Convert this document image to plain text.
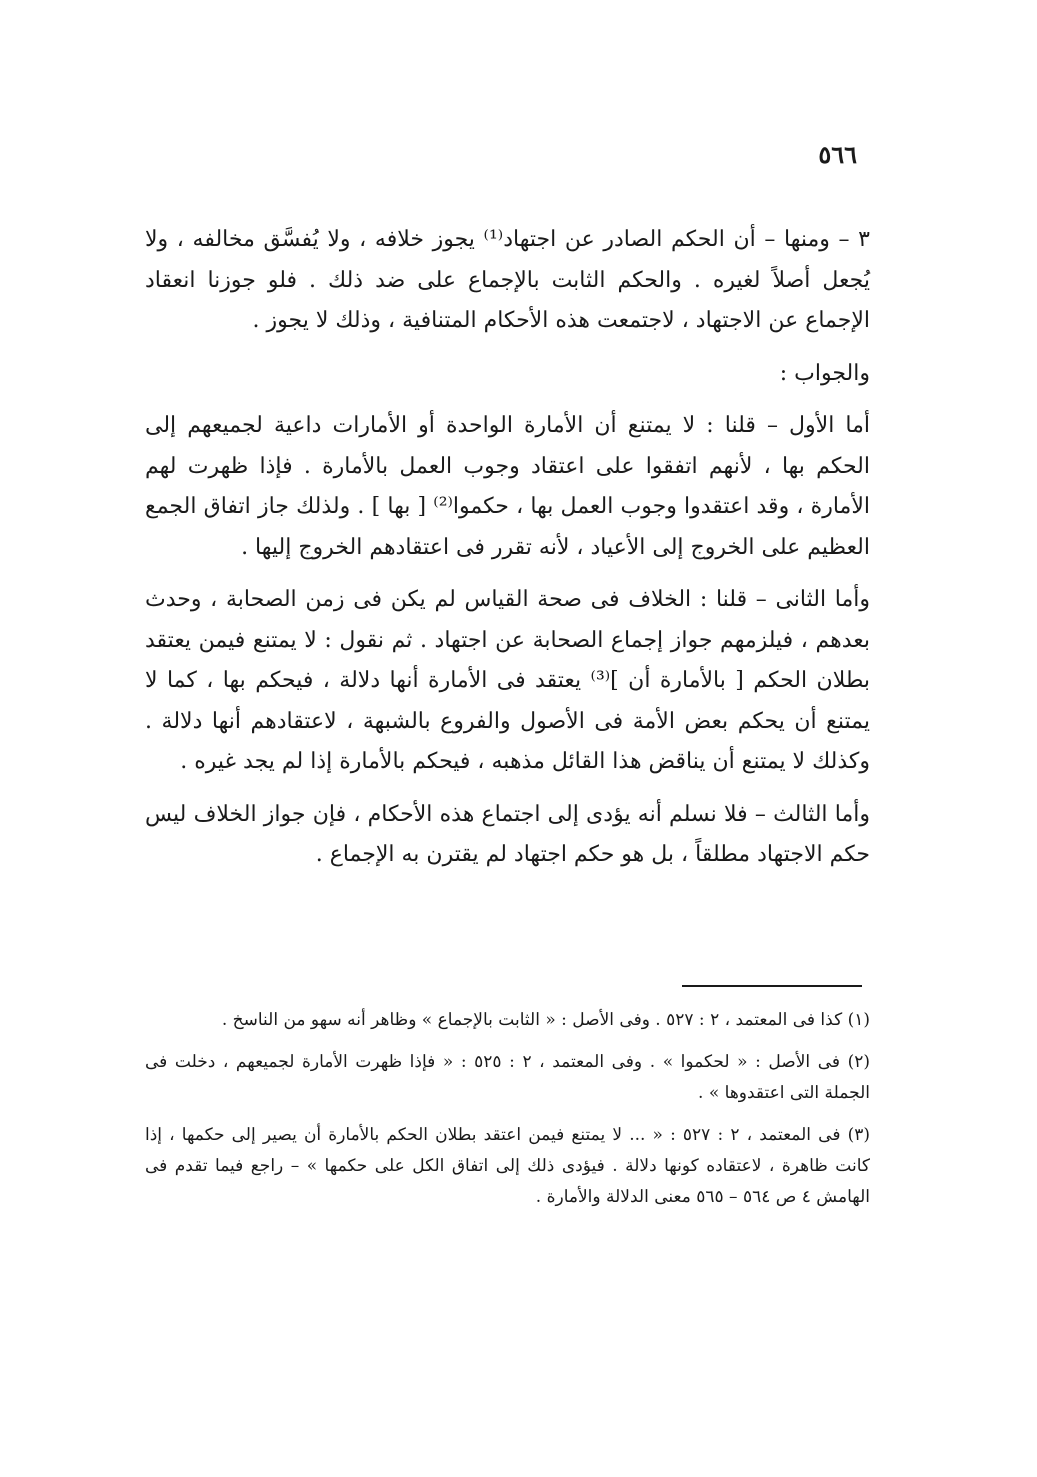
٥٦٦

٣ – ومنها – أن الحكم الصادر عن اجتهاد⁽¹⁾ يجوز خلافه ، ولا يُفسَّق مخالفه ، ولا يُجعل أصلاً لغيره . والحكم الثابت بالإجماع على ضد ذلك . فلو جوزنا انعقاد الإجماع عن الاجتهاد ، لاجتمعت هذه الأحكام المتنافية ، وذلك لا يجوز .

والجواب :

أما الأول – قلنا : لا يمتنع أن الأمارة الواحدة أو الأمارات داعية لجميعهم إلى الحكم بها ، لأنهم اتفقوا على اعتقاد وجوب العمل بالأمارة . فإذا ظهرت لهم الأمارة ، وقد اعتقدوا وجوب العمل بها ، حكموا⁽²⁾ [ بها ] . ولذلك جاز اتفاق الجمع العظيم على الخروج إلى الأعياد ، لأنه تقرر فى اعتقادهم الخروج إليها .

وأما الثانى – قلنا : الخلاف فى صحة القياس لم يكن فى زمن الصحابة ، وحدث بعدهم ، فيلزمهم جواز إجماع الصحابة عن اجتهاد . ثم نقول : لا يمتنع فيمن يعتقد بطلان الحكم [ بالأمارة أن ]⁽³⁾ يعتقد فى الأمارة أنها دلالة ، فيحكم بها ، كما لا يمتنع أن يحكم بعض الأمة فى الأصول والفروع بالشبهة ، لاعتقادهم أنها دلالة . وكذلك لا يمتنع أن يناقض هذا القائل مذهبه ، فيحكم بالأمارة إذا لم يجد غيره .

وأما الثالث – فلا نسلم أنه يؤدى إلى اجتماع هذه الأحكام ، فإن جواز الخلاف ليس حكم الاجتهاد مطلقاً ، بل هو حكم اجتهاد لم يقترن به الإجماع .

(١) كذا فى المعتمد ، ٢ : ٥٢٧ . وفى الأصل : « الثابت بالإجماع » وظاهر أنه سهو من الناسخ .

(٢) فى الأصل : « لحكموا » . وفى المعتمد ، ٢ : ٥٢٥ : « فإذا ظهرت الأمارة لجميعهم ، دخلت فى الجملة التى اعتقدوها » .

(٣) فى المعتمد ، ٢ : ٥٢٧ : « ... لا يمتنع فيمن اعتقد بطلان الحكم بالأمارة أن يصير إلى حكمها ، إذا كانت ظاهرة ، لاعتقاده كونها دلالة . فيؤدى ذلك إلى اتفاق الكل على حكمها » – راجع فيما تقدم فى الهامش ٤ ص ٥٦٤ – ٥٦٥ معنى الدلالة والأمارة .
